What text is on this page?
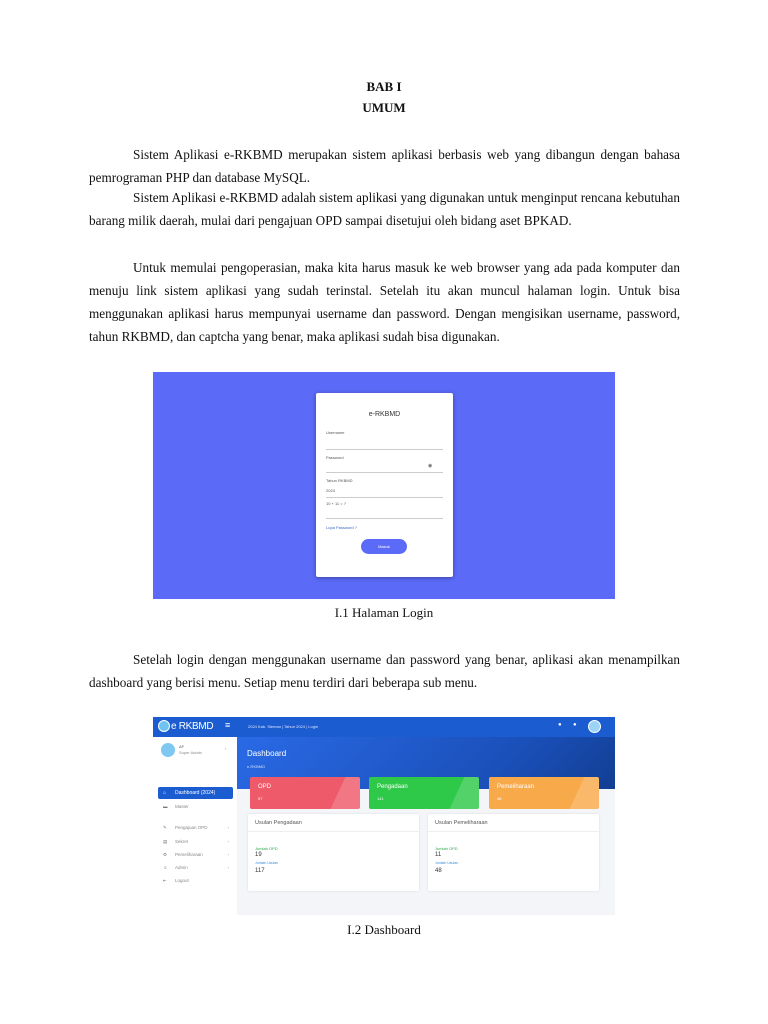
BAB I
UMUM
Sistem Aplikasi e-RKBMD merupakan sistem aplikasi berbasis web yang dibangun dengan bahasa pemrograman PHP dan database MySQL.
Sistem Aplikasi e-RKBMD adalah sistem aplikasi yang digunakan untuk menginput rencana kebutuhan barang milik daerah, mulai dari pengajuan OPD sampai disetujui oleh bidang aset BPKAD.
Untuk memulai pengoperasian, maka kita harus masuk ke web browser yang ada pada komputer dan menuju link sistem aplikasi yang sudah terinstal. Setelah itu akan muncul halaman login. Untuk bisa menggunakan aplikasi harus mempunyai username dan password. Dengan mengisikan username, password, tahun RKBMD, dan captcha yang benar, maka aplikasi sudah bisa digunakan.
e-RKBMD
Username
Password
◉
Tahun RKBMD
2024
10 + 11 = ?
Lupa Password ?
Masuk
I.1 Halaman Login
Setelah login dengan menggunakan username dan password yang benar, aplikasi akan menampilkan dashboard yang berisi menu. Setiap menu terdiri dari beberapa sub menu.
e RKBMD ≡	2024 Kab. Sleman | Tahun 2024 | Login	● ●
AF
Super Admin
›
⌂ Dashboard (2024)
▬ Master
✎ Pengajuan OPD	›
▤ Sekret	›
⚙ Pemeliharaan	›
☺ Admin	›
⇤ Logout
Dashboard
e-RKBMD
OPD
57
Pengadaan
141
Pemeliharaan
48
Usulan Pengadaan
Jumlah OPD
19
Jumlah Usulan
117
Usulan Pemeliharaan
Jumlah OPD
11
Jumlah Usulan
48
I.2 Dashboard
